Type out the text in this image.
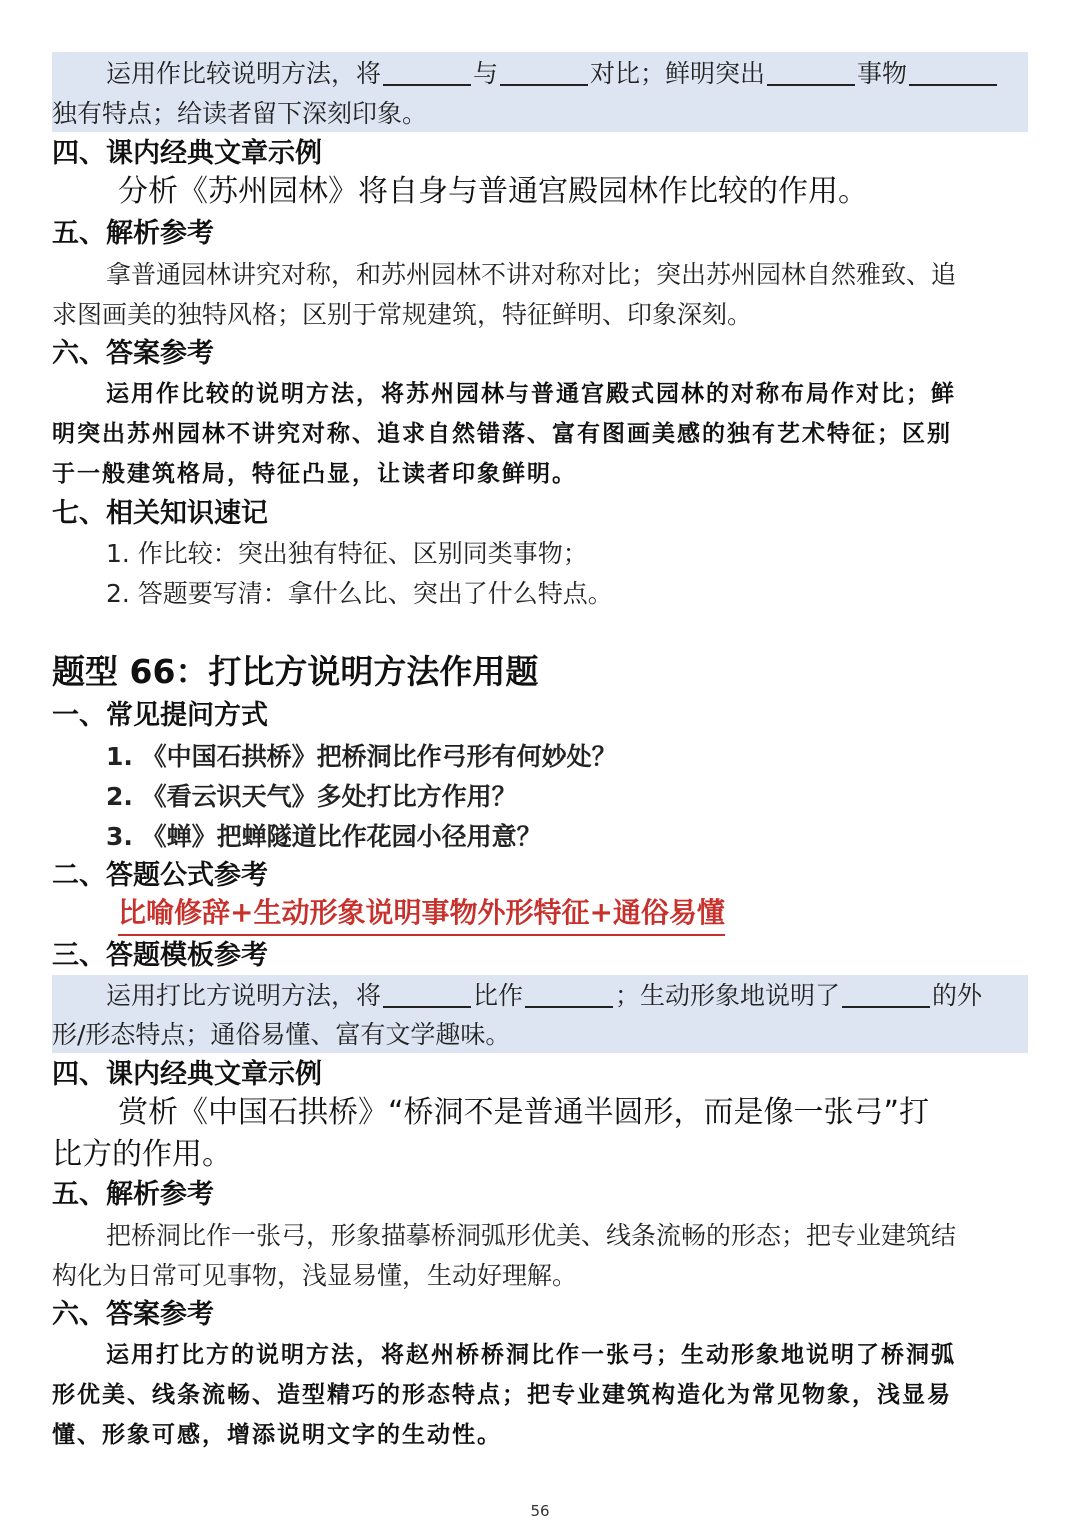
运用作比较说明方法，将	与	对比；鲜明突出	事物
独有特点；给读者留下深刻印象。
四、课内经典文章示例
分析《苏州园林》将自身与普通宫殿园林作比较的作用。
五、解析参考
拿普通园林讲究对称，和苏州园林不讲对称对比；突出苏州园林自然雅致、追
求图画美的独特风格；区别于常规建筑，特征鲜明、印象深刻。
六、答案参考
运用作比较的说明方法，将苏州园林与普通宫殿式园林的对称布局作对比；鲜
明突出苏州园林不讲究对称、追求自然错落、富有图画美感的独有艺术特征；区别
于一般建筑格局，特征凸显，让读者印象鲜明。
七、相关知识速记
1. 作比较：突出独有特征、区别同类事物；
2. 答题要写清：拿什么比、突出了什么特点。
题型 66：打比方说明方法作用题
一、常见提问方式
1. 《中国石拱桥》把桥洞比作弓形有何妙处？
2. 《看云识天气》多处打比方作用？
3. 《蝉》把蝉隧道比作花园小径用意？
二、答题公式参考
比喻修辞+生动形象说明事物外形特征+通俗易懂
三、答题模板参考
运用打比方说明方法，将	比作	；生动形象地说明了	的外
形/形态特点；通俗易懂、富有文学趣味。
四、课内经典文章示例
赏析《中国石拱桥》“桥洞不是普通半圆形，而是像一张弓”打
比方的作用。
五、解析参考
把桥洞比作一张弓，形象描摹桥洞弧形优美、线条流畅的形态；把专业建筑结
构化为日常可见事物，浅显易懂，生动好理解。
六、答案参考
运用打比方的说明方法，将赵州桥桥洞比作一张弓；生动形象地说明了桥洞弧
形优美、线条流畅、造型精巧的形态特点；把专业建筑构造化为常见物象，浅显易
懂、形象可感，增添说明文字的生动性。
56
